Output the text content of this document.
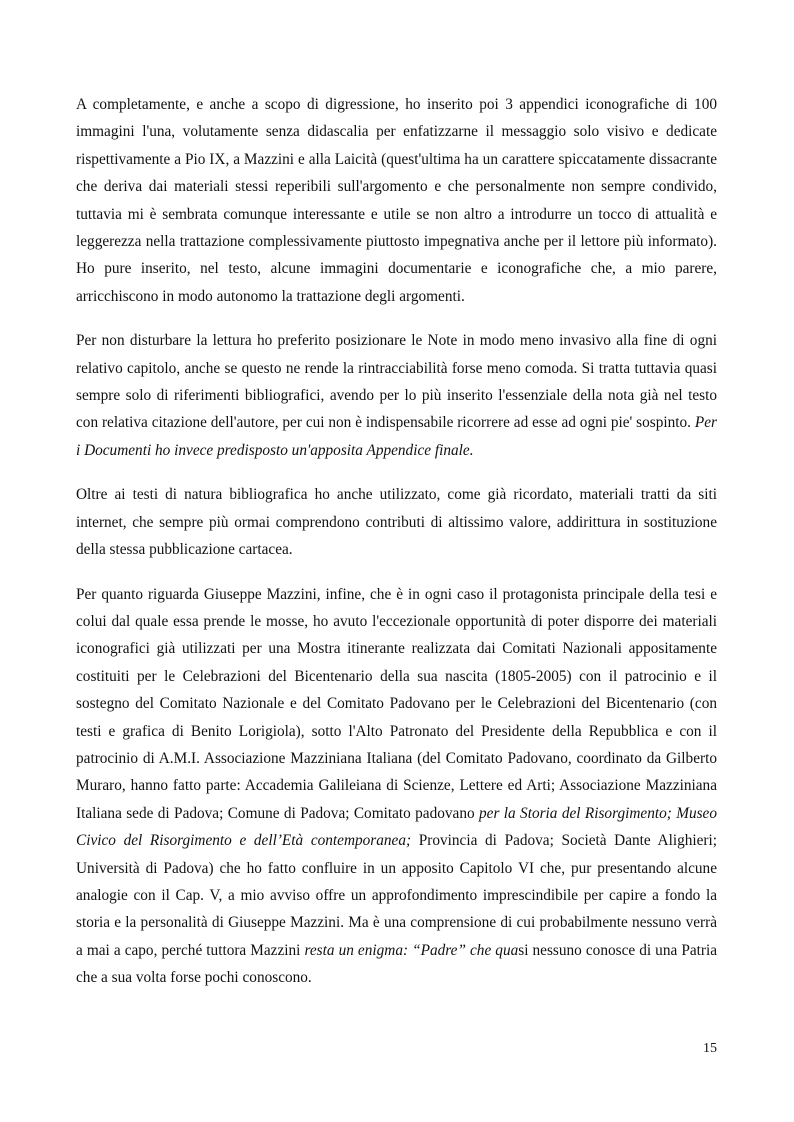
A completamente, e anche a scopo di digressione, ho inserito poi 3 appendici iconografiche di 100 immagini l'una, volutamente senza didascalia per enfatizzarne il messaggio solo visivo e dedicate rispettivamente a Pio IX, a Mazzini e alla Laicità (quest'ultima ha un carattere spiccatamente dissacrante che deriva dai materiali stessi reperibili sull'argomento e che personalmente non sempre condivido, tuttavia mi è sembrata comunque interessante e utile se non altro a introdurre un tocco di attualità e leggerezza nella trattazione complessivamente piuttosto impegnativa anche per il lettore più informato). Ho pure inserito, nel testo, alcune immagini documentarie e iconografiche che, a mio parere, arricchiscono in modo autonomo la trattazione degli argomenti.

Per non disturbare la lettura ho preferito posizionare le Note in modo meno invasivo alla fine di ogni relativo capitolo, anche se questo ne rende la rintracciabilità forse meno comoda. Si tratta tuttavia quasi sempre solo di riferimenti bibliografici, avendo per lo più inserito l'essenziale della nota già nel testo con relativa citazione dell'autore, per cui non è indispensabile ricorrere ad esse ad ogni pie' sospinto. Per i Documenti ho invece predisposto un'apposita Appendice finale.

Oltre ai testi di natura bibliografica ho anche utilizzato, come già ricordato, materiali tratti da siti internet, che sempre più ormai comprendono contributi di altissimo valore, addirittura in sostituzione della stessa pubblicazione cartacea.

Per quanto riguarda Giuseppe Mazzini, infine, che è in ogni caso il protagonista principale della tesi e colui dal quale essa prende le mosse, ho avuto l'eccezionale opportunità di poter disporre dei materiali iconografici già utilizzati per una Mostra itinerante realizzata dai Comitati Nazionali appositamente costituiti per le Celebrazioni del Bicentenario della sua nascita (1805-2005) con il patrocinio e il sostegno del Comitato Nazionale e del Comitato Padovano per le Celebrazioni del Bicentenario (con testi e grafica di Benito Lorigiola), sotto l'Alto Patronato del Presidente della Repubblica e con il patrocinio di A.M.I. Associazione Mazziniana Italiana (del Comitato Padovano, coordinato da Gilberto Muraro, hanno fatto parte: Accademia Galileiana di Scienze, Lettere ed Arti; Associazione Mazziniana Italiana sede di Padova; Comune di Padova; Comitato padovano per la Storia del Risorgimento; Museo Civico del Risorgimento e dell’Età contemporanea; Provincia di Padova; Società Dante Alighieri; Università di Padova) che ho fatto confluire in un apposito Capitolo VI che, pur presentando alcune analogie con il Cap. V, a mio avviso offre un approfondimento imprescindibile per capire a fondo la storia e la personalità di Giuseppe Mazzini. Ma è una comprensione di cui probabilmente nessuno verrà a mai a capo, perché tuttora Mazzini resta un enigma: “Padre” che quasi nessuno conosce di una Patria che a sua volta forse pochi conoscono.

15
